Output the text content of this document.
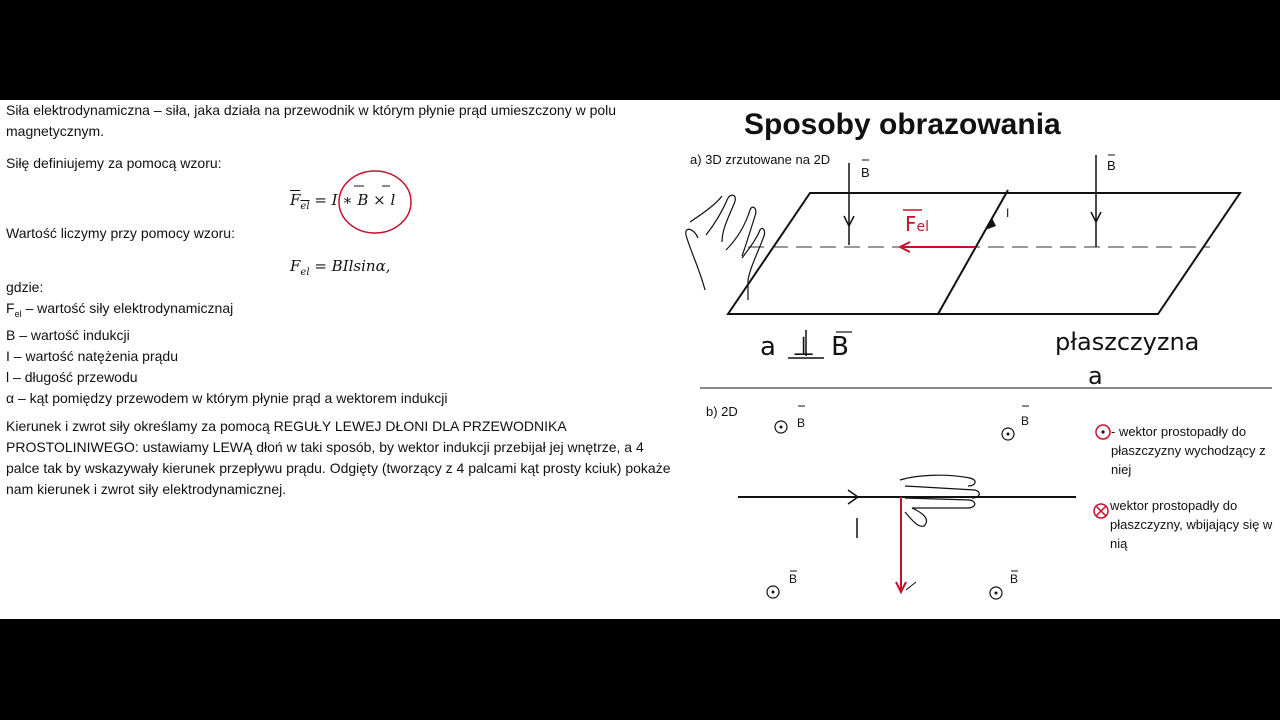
Siła elektrodynamiczna – siła, jaka działa na przewodnik w którym płynie prąd umieszczony w polu magnetycznym.
Siłę definiujemy za pomocą wzoru:
$F_{el} = I$ ∗ B × l
Wartość liczymy przy pomocy wzoru:
$F_{el} = BIlsin\alpha$,
gdzie:
$F_{el}$ – wartość siły elektrodynamicznaj
B – wartość indukcji
I – wartość natężenia prądu
l – długość przewodu
α – kąt pomiędzy przewodem w którym płynie prąd a wektorem indukcji
Kierunek i zwrot siły określamy za pomocą REGUŁY LEWEJ DŁONI DLA PRZEWODNIKA PROSTOLINIWEGO: ustawiamy LEWĄ dłoń w taki sposób, by wektor indukcji przebijał jej wnętrze, a 4 palce tak by wskazywały kierunek przepływu prądu. Odgięty (tworzący z 4 palcami kąt prosty kciuk) pokaże nam kierunek i zwrot siły elektrodynamicznej.
Sposoby obrazowania
a) 3D zrzutowane na 2D
b) 2D
B	B
I
Fel
a ⊥ B	płaszczyzna
a
B	B
B	B
- wektor prostopadły do płaszczyzny wychodzący z niej
wektor prostopadły do płaszczyzny, wbijający się w nią
